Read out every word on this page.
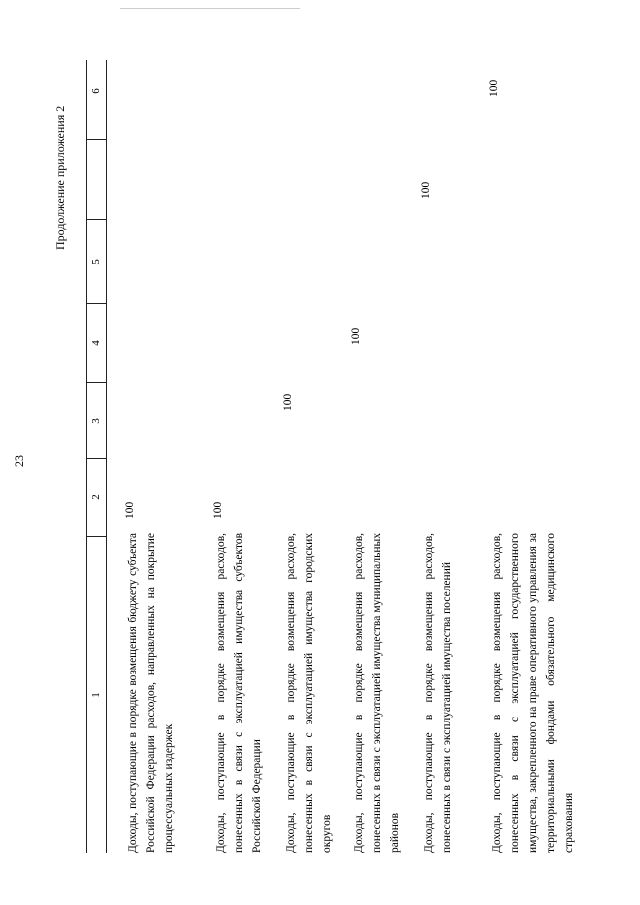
23
Продолжение приложения 2
1
2
3
4
5
6
Доходы, поступающие в порядке возмещения бюджету субъекта Российской Федерации расходов, направленных на покрытие процессуальных издержек
100
Доходы, поступающие в порядке возмещения расходов, понесенных в связи с эксплуатацией имущества субъектов Российской Федерации
100
Доходы, поступающие в порядке возмещения расходов, понесенных в связи с эксплуатацией имущества городских округов
100
Доходы, поступающие в порядке возмещения расходов, понесенных в связи с эксплуатацией имущества муниципальных районов
100
Доходы, поступающие в порядке возмещения расходов, понесенных в связи с эксплуатацией имущества поселений
100
Доходы, поступающие в порядке возмещения расходов, понесенных в связи с эксплуатацией государственного имущества, закрепленного на праве оперативного управления за территориальными фондами обязательного медицинского страхования
100
